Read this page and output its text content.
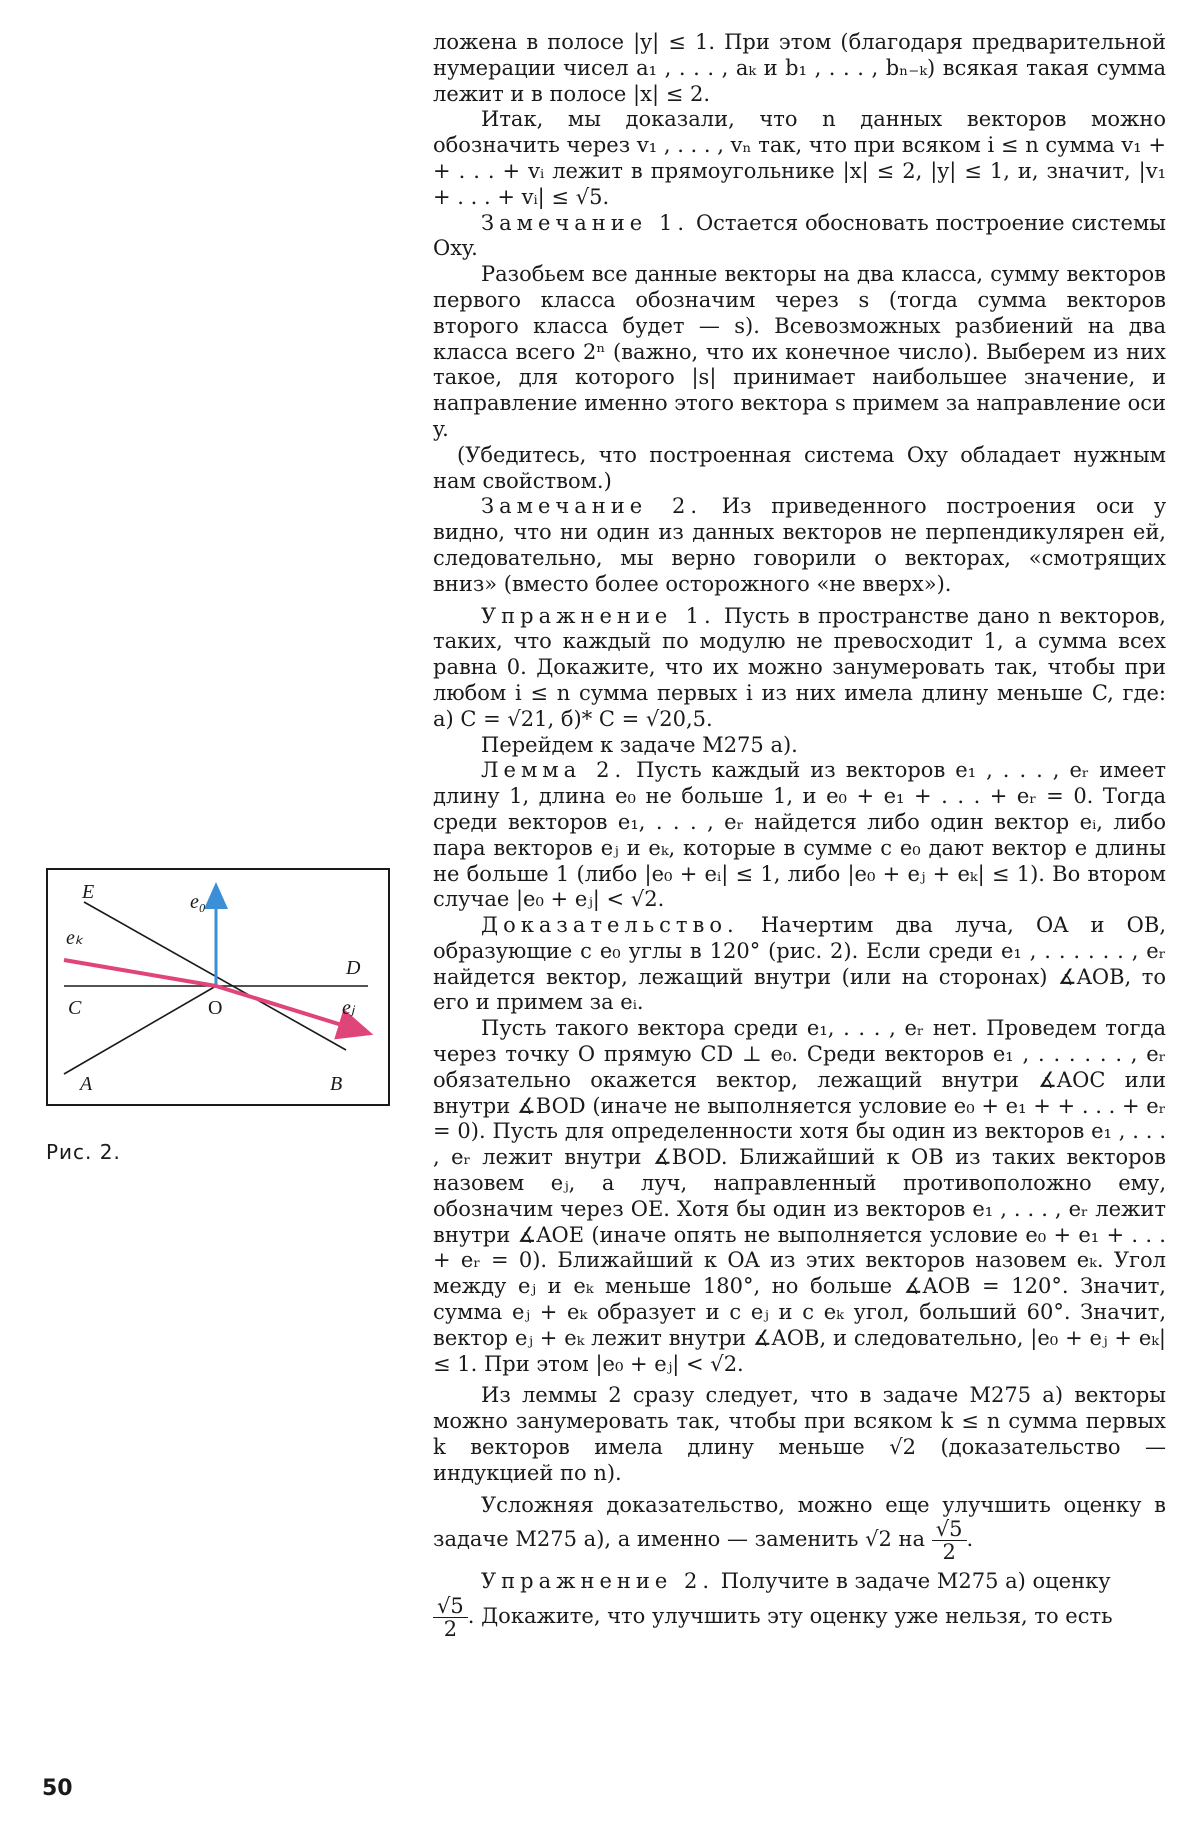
ложена в полосе |y| ≤ 1. При этом (благодаря предварительной нумерации чисел a₁ , . . . , aₖ и b₁ , . . . , bₙ₋ₖ) всякая такая сумма лежит и в полосе |x| ≤ 2.

Итак, мы доказали, что n данных векторов можно обозначить через v₁ , . . . , vₙ так, что при всяком i ≤ n сумма v₁ + + . . . + vᵢ лежит в прямоугольнике |x| ≤ 2, |y| ≤ 1, и, значит, |v₁ + . . . + vᵢ| ≤ √5.

Замечание 1. Остается обосновать построение системы Oxy.

Разобьем все данные векторы на два класса, сумму векторов первого класса обозначим через s (тогда сумма векторов второго класса будет — s). Всевозможных разбиений на два класса всего 2ⁿ (важно, что их конечное число). Выберем из них такое, для которого |s| принимает наибольшее значение, и направление именно этого вектора s примем за направление оси y.

(Убедитесь, что построенная система Oxy обладает нужным нам свойством.)

Замечание 2. Из приведенного построения оси y видно, что ни один из данных векторов не перпендикулярен ей, следовательно, мы верно говорили о векторах, «смотрящих вниз» (вместо более осторожного «не вверх»).

Упражнение 1. Пусть в пространстве дано n векторов, таких, что каждый по модулю не превосходит 1, а сумма всех равна 0. Докажите, что их можно занумеровать так, чтобы при любом i ≤ n сумма первых i из них имела длину меньше C, где: а) C = √21, б)* C = √20,5.

Перейдем к задаче М275 а).

Лемма 2. Пусть каждый из векторов e₁ , . . . , eᵣ имеет длину 1, длина e₀ не больше 1, и e₀ + e₁ + . . . + eᵣ = 0. Тогда среди векторов e₁, . . . , eᵣ найдется либо один вектор eᵢ, либо пара векторов eⱼ и eₖ, которые в сумме с e₀ дают вектор e длины не больше 1 (либо |e₀ + eᵢ| ≤ 1, либо |e₀ + eⱼ + eₖ| ≤ 1). Во втором случае |e₀ + eⱼ| < √2.

Доказательство. Начертим два луча, OA и OB, образующие с e₀ углы в 120° (рис. 2). Если среди e₁ , . . . . . . , eᵣ найдется вектор, лежащий внутри (или на сторонах) ∡AOB, то его и примем за eᵢ.

Пусть такого вектора среди e₁, . . . , eᵣ нет. Проведем тогда через точку O прямую CD ⊥ e₀. Среди векторов e₁ , . . . . . . , eᵣ обязательно окажется вектор, лежащий внутри ∡AOC или внутри ∡BOD (иначе не выполняется условие e₀ + e₁ + + . . . + eᵣ = 0). Пусть для определенности хотя бы один из векторов e₁ , . . . , eᵣ лежит внутри ∡BOD. Ближайший к OB из таких векторов назовем eⱼ, а луч, направленный противоположно ему, обозначим через OE. Хотя бы один из векторов e₁ , . . . , eᵣ лежит внутри ∡AOE (иначе опять не выполняется условие e₀ + e₁ + . . . + eᵣ = 0). Ближайший к OA из этих векторов назовем eₖ. Угол между eⱼ и eₖ меньше 180°, но больше ∡AOB = 120°. Значит, сумма eⱼ + eₖ образует и с eⱼ и с eₖ угол, больший 60°. Значит, вектор eⱼ + eₖ лежит внутри ∡AOB, и следовательно, |e₀ + eⱼ + eₖ| ≤ 1. При этом |e₀ + eⱼ| < √2.

Из леммы 2 сразу следует, что в задаче М275 а) векторы можно занумеровать так, чтобы при всяком k ≤ n сумма первых k векторов имела длину меньше √2 (доказательство — индукцией по n).

Усложняя доказательство, можно еще улучшить оценку в задаче М275 а), а именно — заменить √2 на $\frac{√5}{2}$ .

Упражнение 2. Получите в задаче М275 а) оценку

$\frac{√5}{2}$ . Докажите, что улучшить эту оценку уже нельзя, то есть

E	e₀
eₖ
D
C	O	eⱼ
A	B
Рис. 2.
50
